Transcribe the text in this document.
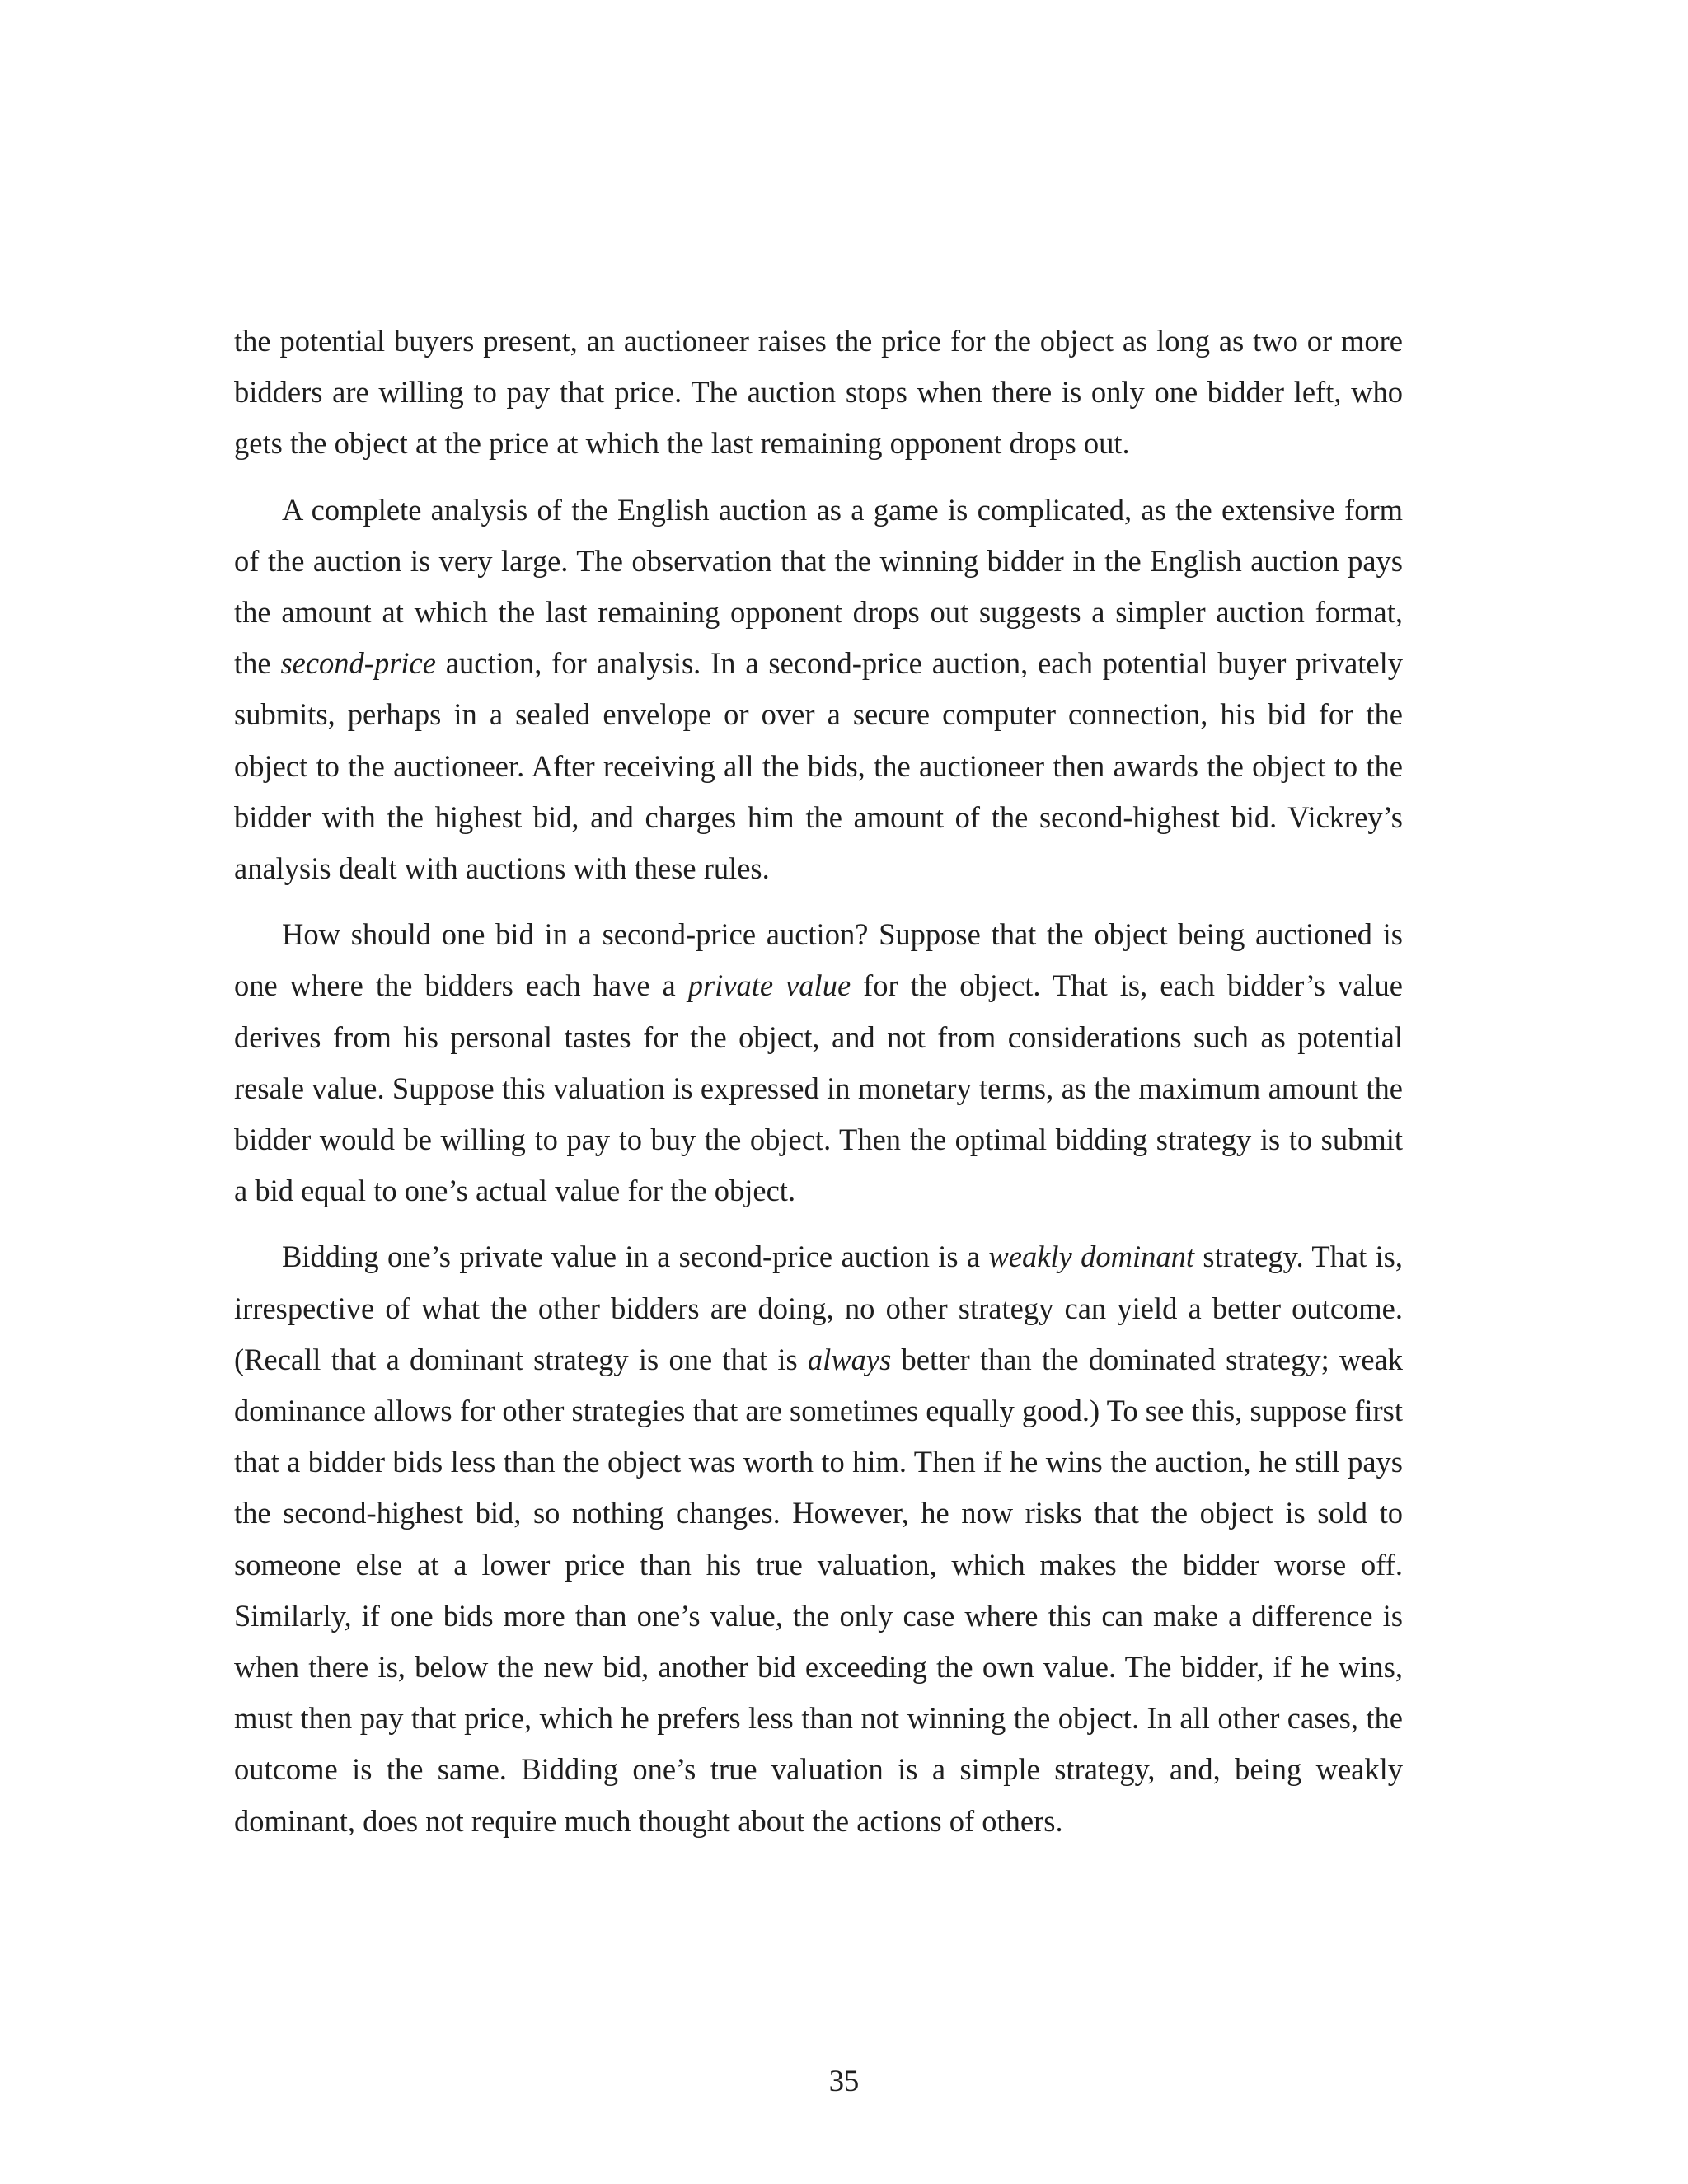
the potential buyers present, an auctioneer raises the price for the object as long as two or more bidders are willing to pay that price. The auction stops when there is only one bidder left, who gets the object at the price at which the last remaining opponent drops out.

A complete analysis of the English auction as a game is complicated, as the extensive form of the auction is very large. The observation that the winning bidder in the English auction pays the amount at which the last remaining opponent drops out suggests a simpler auction format, the second-price auction, for analysis. In a second-price auction, each potential buyer privately submits, perhaps in a sealed envelope or over a secure computer connection, his bid for the object to the auctioneer. After receiving all the bids, the auctioneer then awards the object to the bidder with the highest bid, and charges him the amount of the second-highest bid. Vickrey’s analysis dealt with auctions with these rules.

How should one bid in a second-price auction? Suppose that the object being auctioned is one where the bidders each have a private value for the object. That is, each bidder’s value derives from his personal tastes for the object, and not from considerations such as potential resale value. Suppose this valuation is expressed in monetary terms, as the maximum amount the bidder would be willing to pay to buy the object. Then the optimal bidding strategy is to submit a bid equal to one’s actual value for the object.

Bidding one’s private value in a second-price auction is a weakly dominant strategy. That is, irrespective of what the other bidders are doing, no other strategy can yield a better outcome. (Recall that a dominant strategy is one that is always better than the dominated strategy; weak dominance allows for other strategies that are sometimes equally good.) To see this, suppose first that a bidder bids less than the object was worth to him. Then if he wins the auction, he still pays the second-highest bid, so nothing changes. However, he now risks that the object is sold to someone else at a lower price than his true valuation, which makes the bidder worse off. Similarly, if one bids more than one’s value, the only case where this can make a difference is when there is, below the new bid, another bid exceeding the own value. The bidder, if he wins, must then pay that price, which he prefers less than not winning the object. In all other cases, the outcome is the same. Bidding one’s true valuation is a simple strategy, and, being weakly dominant, does not require much thought about the actions of others.

35
